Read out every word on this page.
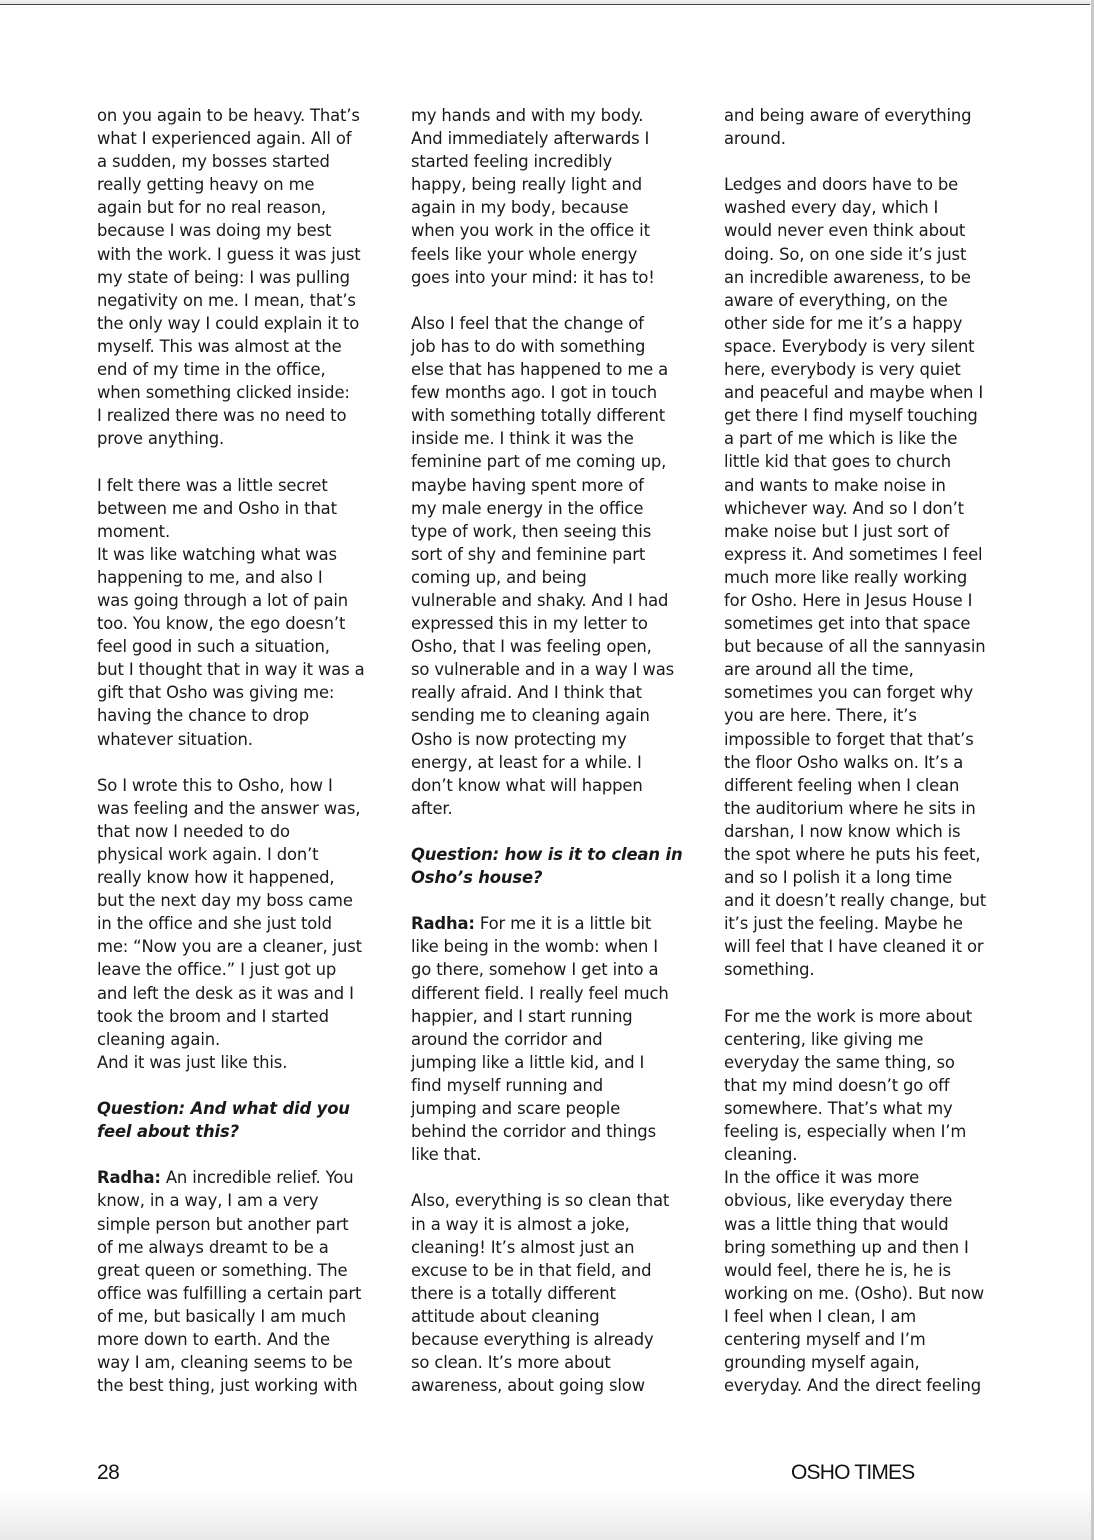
on you again to be heavy. That’s
what I experienced again. All of
a sudden, my bosses started
really getting heavy on me
again but for no real reason,
because I was doing my best
with the work. I guess it was just
my state of being: I was pulling
negativity on me. I mean, that’s
the only way I could explain it to
myself. This was almost at the
end of my time in the office,
when something clicked inside:
I realized there was no need to
prove anything.
I felt there was a little secret
between me and Osho in that
moment.
It was like watching what was
happening to me, and also I
was going through a lot of pain
too. You know, the ego doesn’t
feel good in such a situation,
but I thought that in way it was a
gift that Osho was giving me:
having the chance to drop
whatever situation.
So I wrote this to Osho, how I
was feeling and the answer was,
that now I needed to do
physical work again. I don’t
really know how it happened,
but the next day my boss came
in the office and she just told
me: “Now you are a cleaner, just
leave the office.” I just got up
and left the desk as it was and I
took the broom and I started
cleaning again.
And it was just like this.
Question: And what did you
feel about this?
Radha: An incredible relief. You
know, in a way, I am a very
simple person but another part
of me always dreamt to be a
great queen or something. The
office was fulfilling a certain part
of me, but basically I am much
more down to earth. And the
way I am, cleaning seems to be
the best thing, just working with
my hands and with my body.
And immediately afterwards I
started feeling incredibly
happy, being really light and
again in my body, because
when you work in the office it
feels like your whole energy
goes into your mind: it has to!
Also I feel that the change of
job has to do with something
else that has happened to me a
few months ago. I got in touch
with something totally different
inside me. I think it was the
feminine part of me coming up,
maybe having spent more of
my male energy in the office
type of work, then seeing this
sort of shy and feminine part
coming up, and being
vulnerable and shaky. And I had
expressed this in my letter to
Osho, that I was feeling open,
so vulnerable and in a way I was
really afraid. And I think that
sending me to cleaning again
Osho is now protecting my
energy, at least for a while. I
don’t know what will happen
after.
Question: how is it to clean in
Osho’s house?
Radha: For me it is a little bit
like being in the womb: when I
go there, somehow I get into a
different field. I really feel much
happier, and I start running
around the corridor and
jumping like a little kid, and I
find myself running and
jumping and scare people
behind the corridor and things
like that.
Also, everything is so clean that
in a way it is almost a joke,
cleaning! It’s almost just an
excuse to be in that field, and
there is a totally different
attitude about cleaning
because everything is already
so clean. It’s more about
awareness, about going slow
and being aware of everything
around.
Ledges and doors have to be
washed every day, which I
would never even think about
doing. So, on one side it’s just
an incredible awareness, to be
aware of everything, on the
other side for me it’s a happy
space. Everybody is very silent
here, everybody is very quiet
and peaceful and maybe when I
get there I find myself touching
a part of me which is like the
little kid that goes to church
and wants to make noise in
whichever way. And so I don’t
make noise but I just sort of
express it. And sometimes I feel
much more like really working
for Osho. Here in Jesus House I
sometimes get into that space
but because of all the sannyasin
are around all the time,
sometimes you can forget why
you are here. There, it’s
impossible to forget that that’s
the floor Osho walks on. It’s a
different feeling when I clean
the auditorium where he sits in
darshan, I now know which is
the spot where he puts his feet,
and so I polish it a long time
and it doesn’t really change, but
it’s just the feeling. Maybe he
will feel that I have cleaned it or
something.
For me the work is more about
centering, like giving me
everyday the same thing, so
that my mind doesn’t go off
somewhere. That’s what my
feeling is, especially when I’m
cleaning.
In the office it was more
obvious, like everyday there
was a little thing that would
bring something up and then I
would feel, there he is, he is
working on me. (Osho). But now
I feel when I clean, I am
centering myself and I’m
grounding myself again,
everyday. And the direct feeling
28	OSHO TIMES
